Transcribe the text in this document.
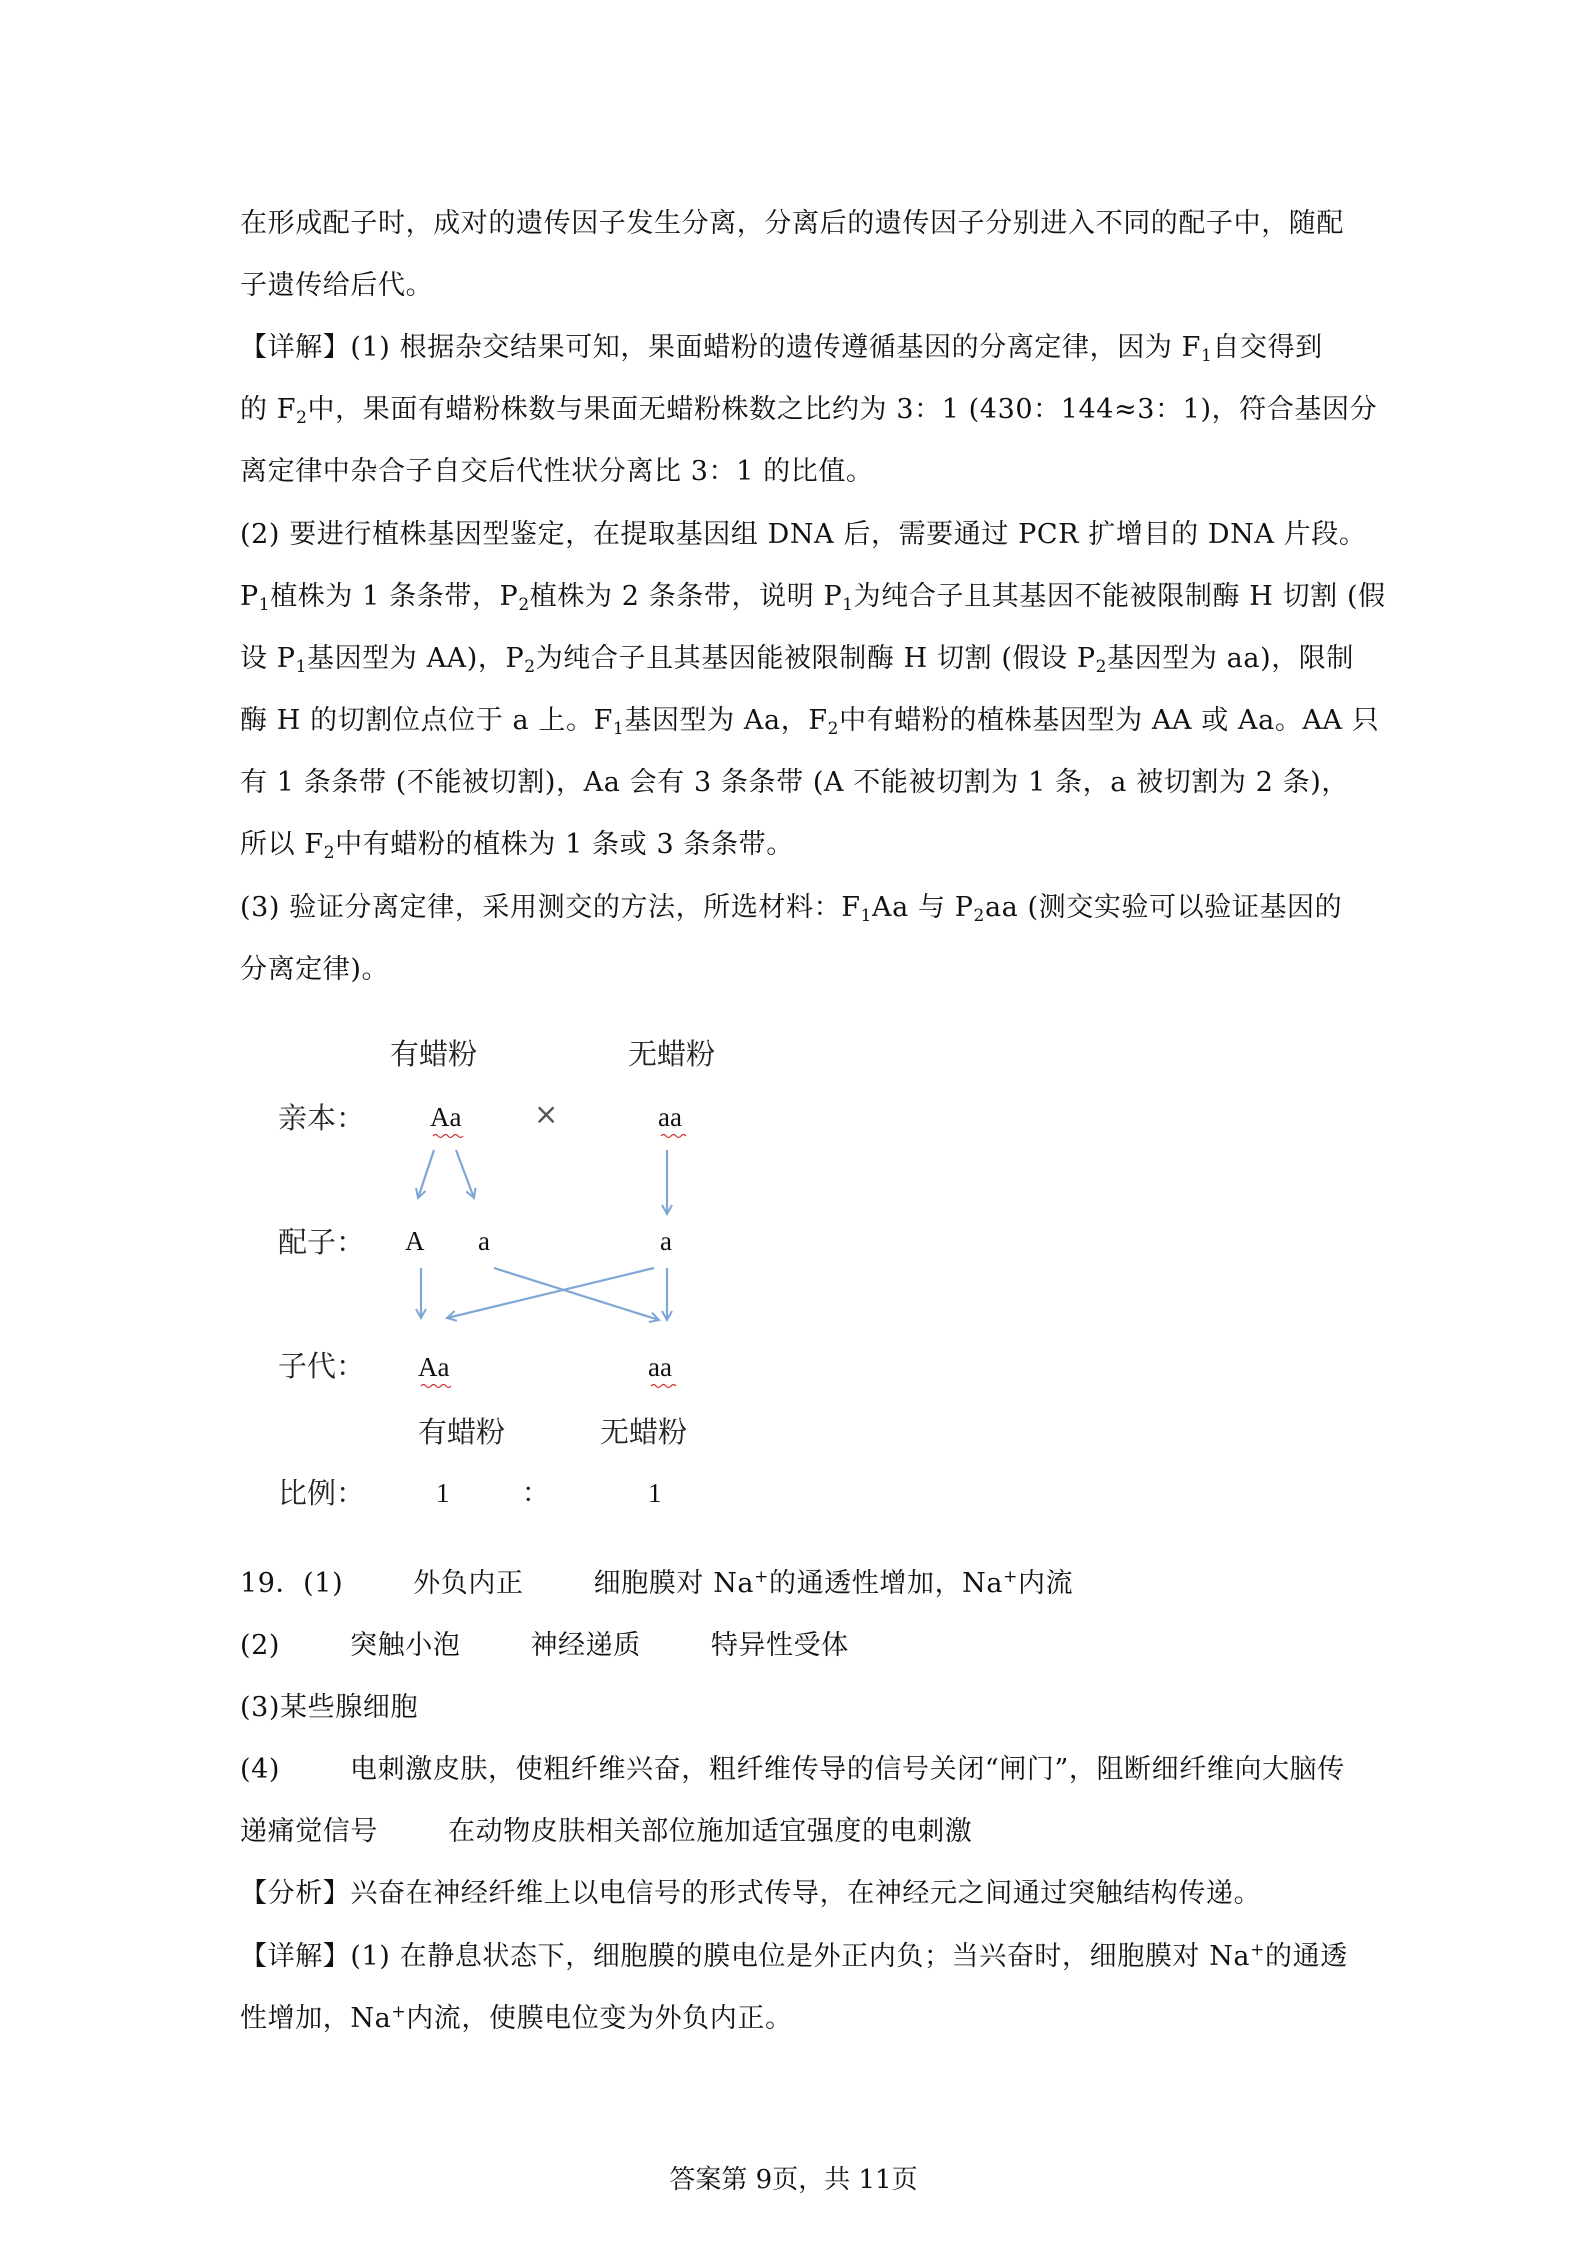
在形成配子时，成对的遗传因子发生分离，分离后的遗传因子分别进入不同的配子中，随配
子遗传给后代。
【详解】(1) 根据杂交结果可知，果面蜡粉的遗传遵循基因的分离定律，因为 $F_1$自交得到
的 $F_2$中，果面有蜡粉株数与果面无蜡粉株数之比约为 3：1 (430：144≈3：1)，符合基因分
离定律中杂合子自交后代性状分离比 3：1 的比值。
(2) 要进行植株基因型鉴定，在提取基因组 DNA 后，需要通过 PCR 扩增目的 DNA 片段。
$P_1$植株为 1 条条带，$P_2$植株为 2 条条带，说明 $P_1$为纯合子且其基因不能被限制酶 H 切割 (假
设 $P_1$基因型为 AA)，$P_2$为纯合子且其基因能被限制酶 H 切割 (假设 $P_2$基因型为 aa)，限制
酶 H 的切割位点位于 a 上。$F_1$基因型为 Aa，$F_2$中有蜡粉的植株基因型为 AA 或 Aa。AA 只
有 1 条条带 (不能被切割)，Aa 会有 3 条条带 (A 不能被切割为 1 条，a 被切割为 2 条)，
所以 $F_2$中有蜡粉的植株为 1 条或 3 条条带。
(3) 验证分离定律，采用测交的方法，所选材料：$F_1Aa$ 与 $P_2aa$ (测交实验可以验证基因的
分离定律)。
有蜡粉	无蜡粉
亲本： Aa	×	aa
配子： A a	a
子代： Aa	aa
有蜡粉	无蜡粉
比例：	1	：	1
19．(1)	外负内正	细胞膜对 Na+的通透性增加，Na+内流
(2)	突触小泡	神经递质	特异性受体
(3)某些腺细胞
(4)	电刺激皮肤，使粗纤维兴奋，粗纤维传导的信号关闭“闸门”，阻断细纤维向大脑传
递痛觉信号	在动物皮肤相关部位施加适宜强度的电刺激
【分析】兴奋在神经纤维上以电信号的形式传导，在神经元之间通过突触结构传递。
【详解】(1) 在静息状态下，细胞膜的膜电位是外正内负；当兴奋时，细胞膜对 Na+的通透
性增加，Na+内流，使膜电位变为外负内正。
答案第 9页，共 11页
